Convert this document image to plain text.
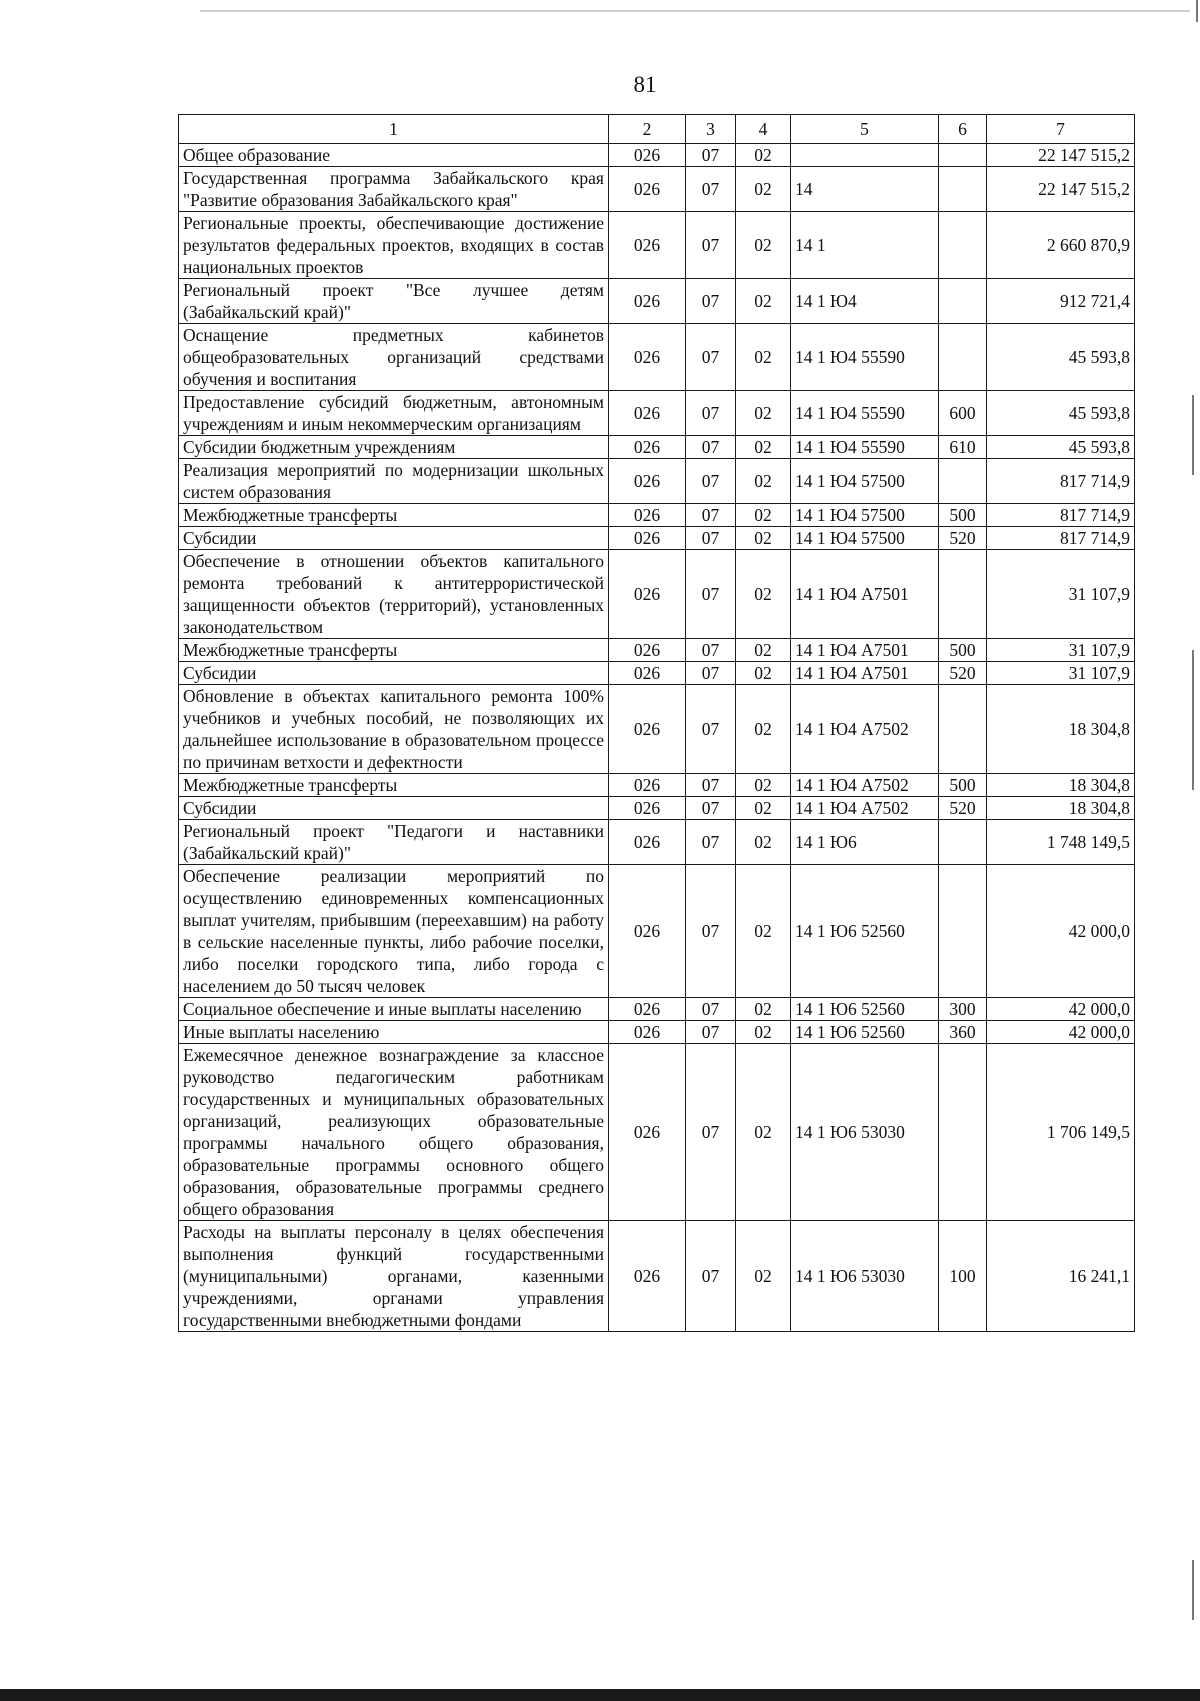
81
1	2	3	4	5	6	7
Общее образование	026	07	02			22 147 515,2
Государственная программа Забайкальского края "Развитие образования Забайкальского края"	026	07	02	14		22 147 515,2
Региональные проекты, обеспечивающие достижение результатов федеральных проектов, входящих в состав национальных проектов	026	07	02	14 1		2 660 870,9
Региональный проект "Все лучшее детям (Забайкальский край)"	026	07	02	14 1 Ю4		912 721,4
Оснащение предметных кабинетов общеобразовательных организаций средствами обучения и воспитания	026	07	02	14 1 Ю4 55590		45 593,8
Предоставление субсидий бюджетным, автономным учреждениям и иным некоммерческим организациям	026	07	02	14 1 Ю4 55590	600	45 593,8
Субсидии бюджетным учреждениям	026	07	02	14 1 Ю4 55590	610	45 593,8
Реализация мероприятий по модернизации школьных систем образования	026	07	02	14 1 Ю4 57500		817 714,9
Межбюджетные трансферты	026	07	02	14 1 Ю4 57500	500	817 714,9
Субсидии	026	07	02	14 1 Ю4 57500	520	817 714,9
Обеспечение в отношении объектов капитального ремонта требований к антитеррористической защищенности объектов (территорий), установленных законодательством	026	07	02	14 1 Ю4 А7501		31 107,9
Межбюджетные трансферты	026	07	02	14 1 Ю4 А7501	500	31 107,9
Субсидии	026	07	02	14 1 Ю4 А7501	520	31 107,9
Обновление в объектах капитального ремонта 100% учебников и учебных пособий, не позволяющих их дальнейшее использование в образовательном процессе по причинам ветхости и дефектности	026	07	02	14 1 Ю4 А7502		18 304,8
Межбюджетные трансферты	026	07	02	14 1 Ю4 А7502	500	18 304,8
Субсидии	026	07	02	14 1 Ю4 А7502	520	18 304,8
Региональный проект "Педагоги и наставники (Забайкальский край)"	026	07	02	14 1 Ю6		1 748 149,5
Обеспечение реализации мероприятий по осуществлению единовременных компенсационных выплат учителям, прибывшим (переехавшим) на работу в сельские населенные пункты, либо рабочие поселки, либо поселки городского типа, либо города с населением до 50 тысяч человек	026	07	02	14 1 Ю6 52560		42 000,0
Социальное обеспечение и иные выплаты населению	026	07	02	14 1 Ю6 52560	300	42 000,0
Иные выплаты населению	026	07	02	14 1 Ю6 52560	360	42 000,0
Ежемесячное денежное вознаграждение за классное руководство педагогическим работникам государственных и муниципальных образовательных организаций, реализующих образовательные программы начального общего образования, образовательные программы основного общего образования, образовательные программы среднего общего образования	026	07	02	14 1 Ю6 53030		1 706 149,5
Расходы на выплаты персоналу в целях обеспечения выполнения функций государственными (муниципальными) органами, казенными учреждениями, органами управления государственными внебюджетными фондами	026	07	02	14 1 Ю6 53030	100	16 241,1
